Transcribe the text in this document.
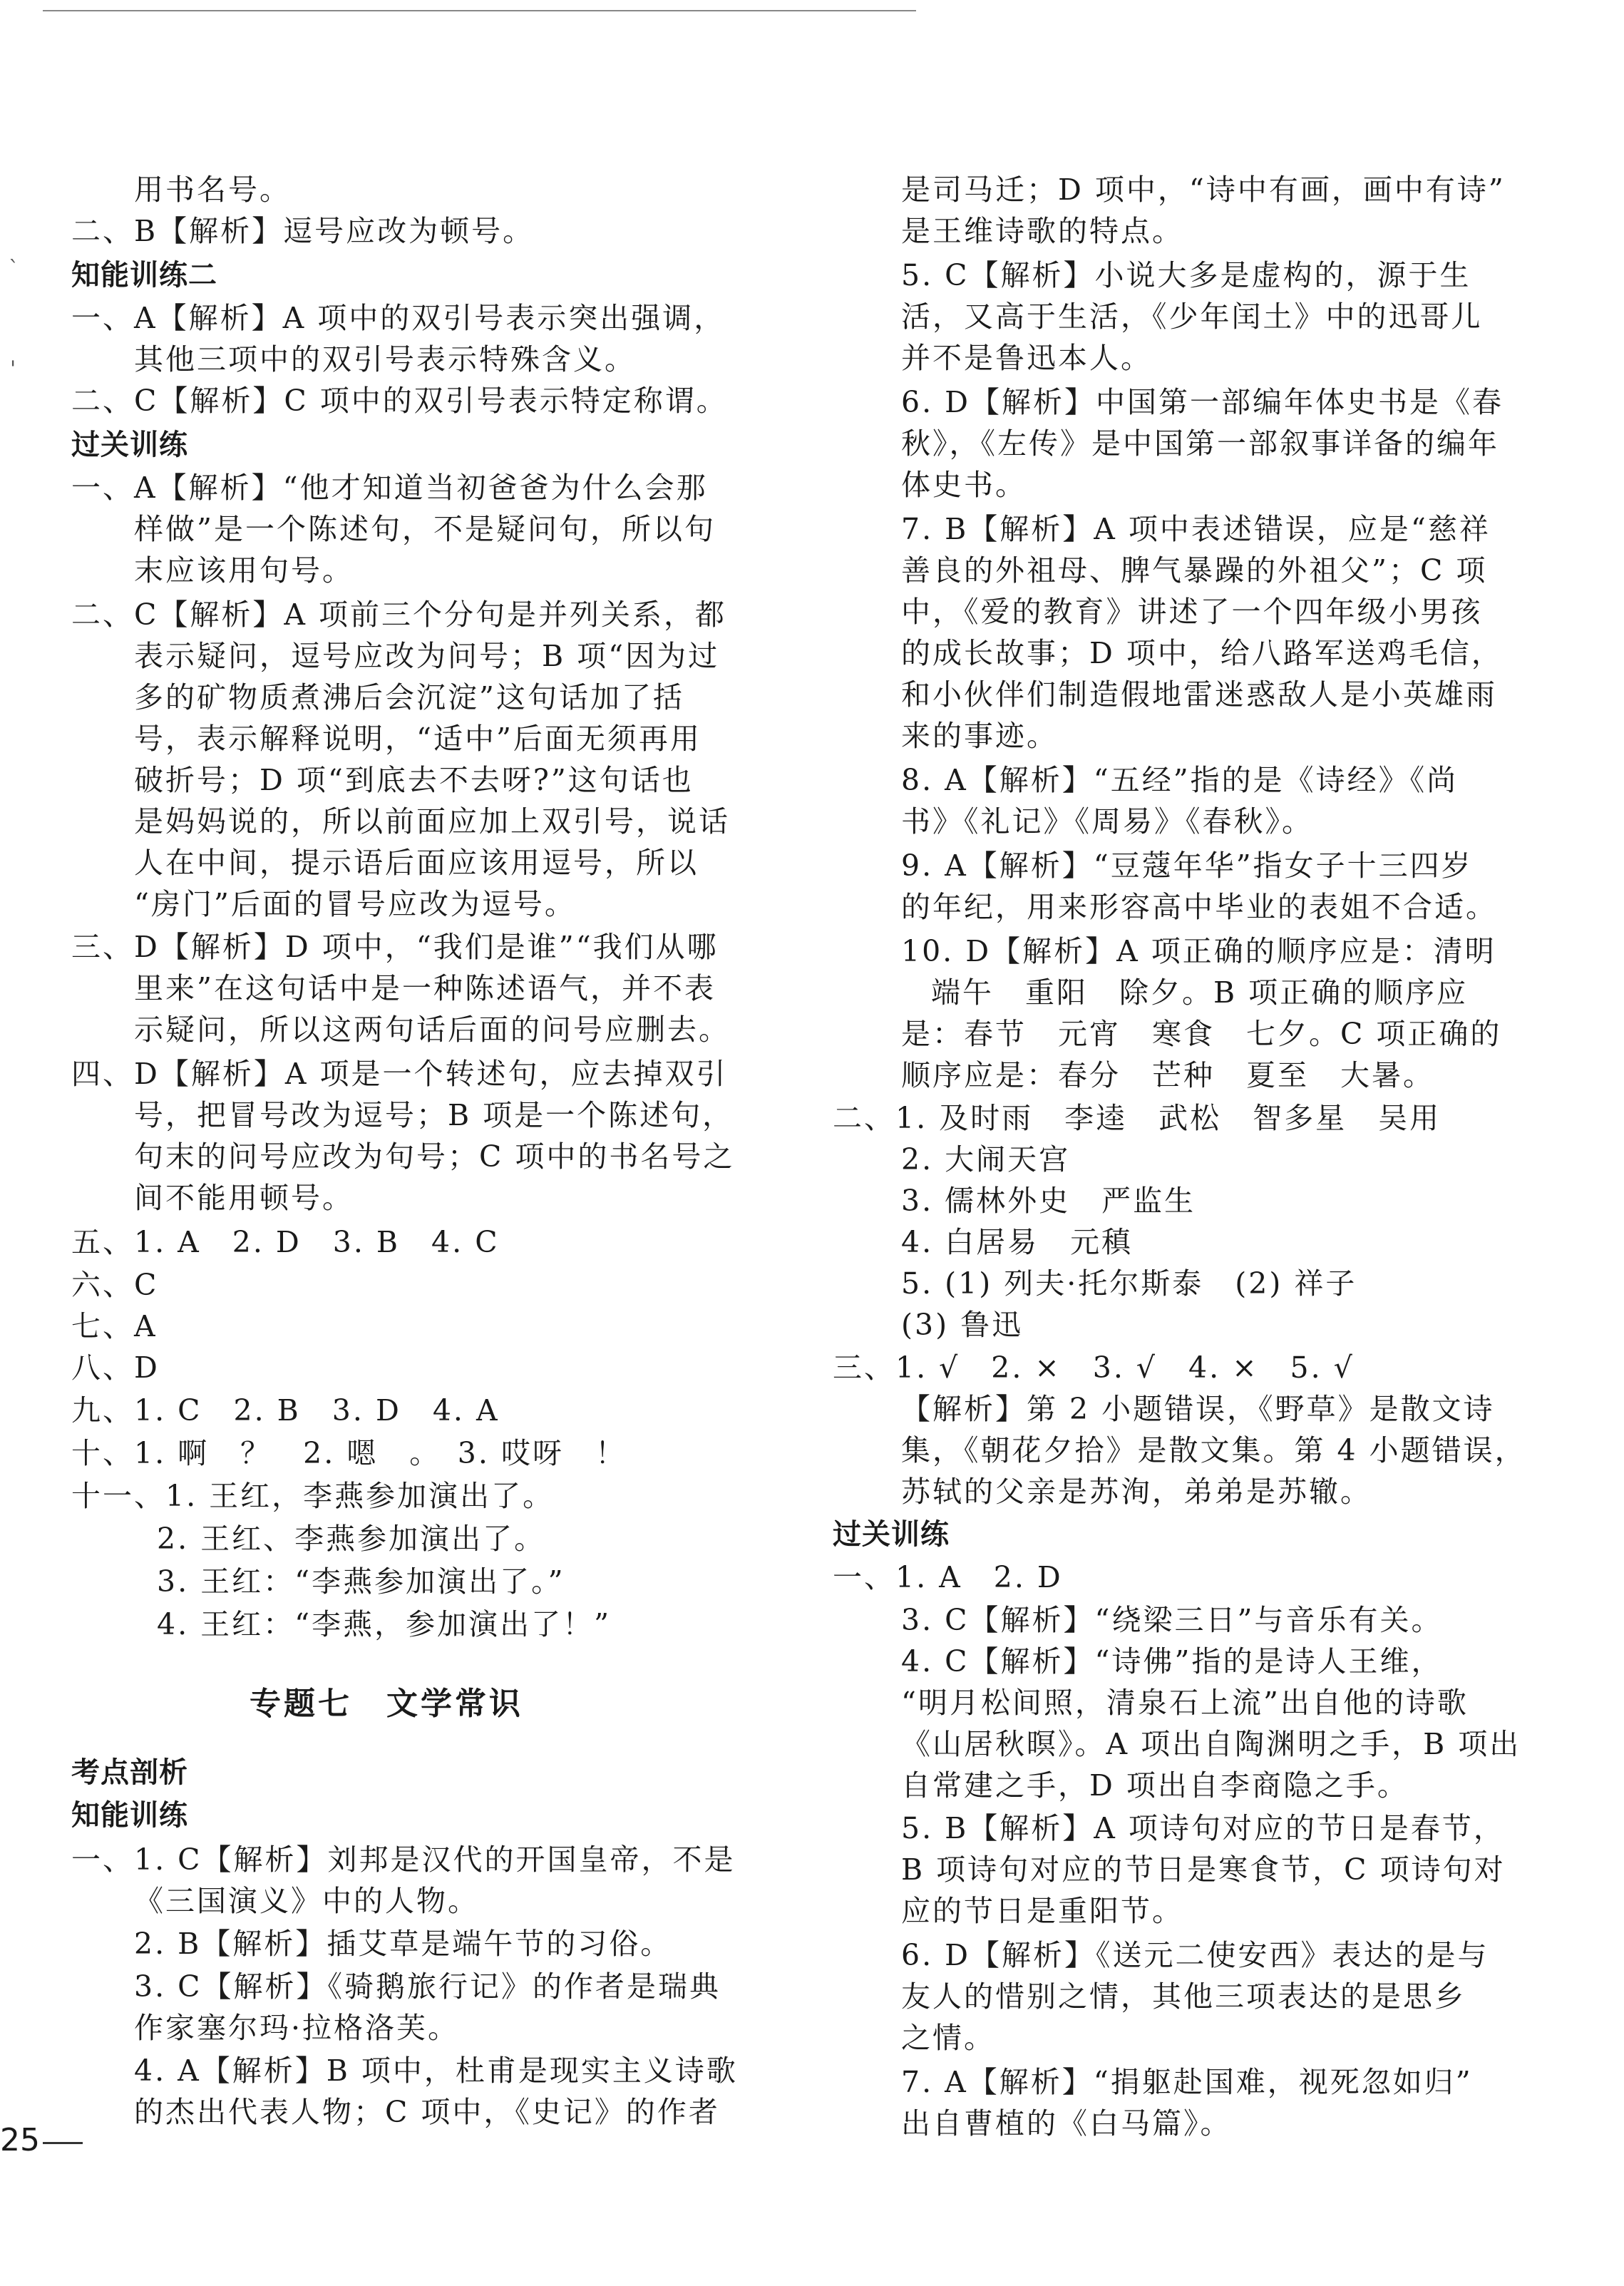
`
'
用书名号。
二、B【解析】逗号应改为顿号。
知能训练二
一、A【解析】A 项中的双引号表示突出强调，
其他三项中的双引号表示特殊含义。
二、C【解析】C 项中的双引号表示特定称谓。
过关训练
一、A【解析】“他才知道当初爸爸为什么会那
样做”是一个陈述句，不是疑问句，所以句
末应该用句号。
二、C【解析】A 项前三个分句是并列关系，都
表示疑问，逗号应改为问号；B 项“因为过
多的矿物质煮沸后会沉淀”这句话加了括
号，表示解释说明，“适中”后面无须再用
破折号；D 项“到底去不去呀?”这句话也
是妈妈说的，所以前面应加上双引号，说话
人在中间，提示语后面应该用逗号，所以
“房门”后面的冒号应改为逗号。
三、D【解析】D 项中，“我们是谁”“我们从哪
里来”在这句话中是一种陈述语气，并不表
示疑问，所以这两句话后面的问号应删去。
四、D【解析】A 项是一个转述句，应去掉双引
号，把冒号改为逗号；B 项是一个陈述句，
句末的问号应改为句号；C 项中的书名号之
间不能用顿号。
五、1. A　2. D　3. B　4. C
六、C
七、A
八、D
九、1. C　2. B　3. D　4. A
十、1. 啊　？　2. 嗯　。　3. 哎呀　！
十一、1. 王红，李燕参加演出了。
2. 王红、李燕参加演出了。
3. 王红：“李燕参加演出了。”
4. 王红：“李燕，参加演出了！”
专题七　文学常识
考点剖析
知能训练
一、1. C【解析】刘邦是汉代的开国皇帝，不是
《三国演义》中的人物。
2. B【解析】插艾草是端午节的习俗。
3. C【解析】《骑鹅旅行记》的作者是瑞典
作家塞尔玛·拉格洛芙。
4. A【解析】B 项中，杜甫是现实主义诗歌
的杰出代表人物；C 项中，《史记》的作者
是司马迁；D 项中，“诗中有画，画中有诗”
是王维诗歌的特点。
5. C【解析】小说大多是虚构的，源于生
活，又高于生活，《少年闰土》中的迅哥儿
并不是鲁迅本人。
6. D【解析】中国第一部编年体史书是《春
秋》，《左传》是中国第一部叙事详备的编年
体史书。
7. B【解析】A 项中表述错误，应是“慈祥
善良的外祖母、脾气暴躁的外祖父”；C 项
中，《爱的教育》讲述了一个四年级小男孩
的成长故事；D 项中，给八路军送鸡毛信，
和小伙伴们制造假地雷迷惑敌人是小英雄雨
来的事迹。
8. A【解析】“五经”指的是《诗经》《尚
书》《礼记》《周易》《春秋》。
9. A【解析】“豆蔻年华”指女子十三四岁
的年纪，用来形容高中毕业的表姐不合适。
10. D【解析】A 项正确的顺序应是：清明
端午　重阳　除夕。B 项正确的顺序应
是：春节　元宵　寒食　七夕。C 项正确的
顺序应是：春分　芒种　夏至　大暑。
二、1. 及时雨　李逵　武松　智多星　吴用
2. 大闹天宫
3. 儒林外史　严监生
4. 白居易　元稹
5. (1) 列夫·托尔斯泰　(2) 祥子
(3) 鲁迅
三、1. √　2. ×　3. √　4. ×　5. √
【解析】第 2 小题错误，《野草》是散文诗
集，《朝花夕拾》是散文集。第 4 小题错误，
苏轼的父亲是苏洵，弟弟是苏辙。
过关训练
一、1. A　2. D
3. C【解析】“绕梁三日”与音乐有关。
4. C【解析】“诗佛”指的是诗人王维，
“明月松间照，清泉石上流”出自他的诗歌
《山居秋暝》。A 项出自陶渊明之手，B 项出
自常建之手，D 项出自李商隐之手。
5. B【解析】A 项诗句对应的节日是春节，
B 项诗句对应的节日是寒食节，C 项诗句对
应的节日是重阳节。
6. D【解析】《送元二使安西》表达的是与
友人的惜别之情，其他三项表达的是思乡
之情。
7. A【解析】“捐躯赴国难，视死忽如归”
出自曹植的《白马篇》。
25
